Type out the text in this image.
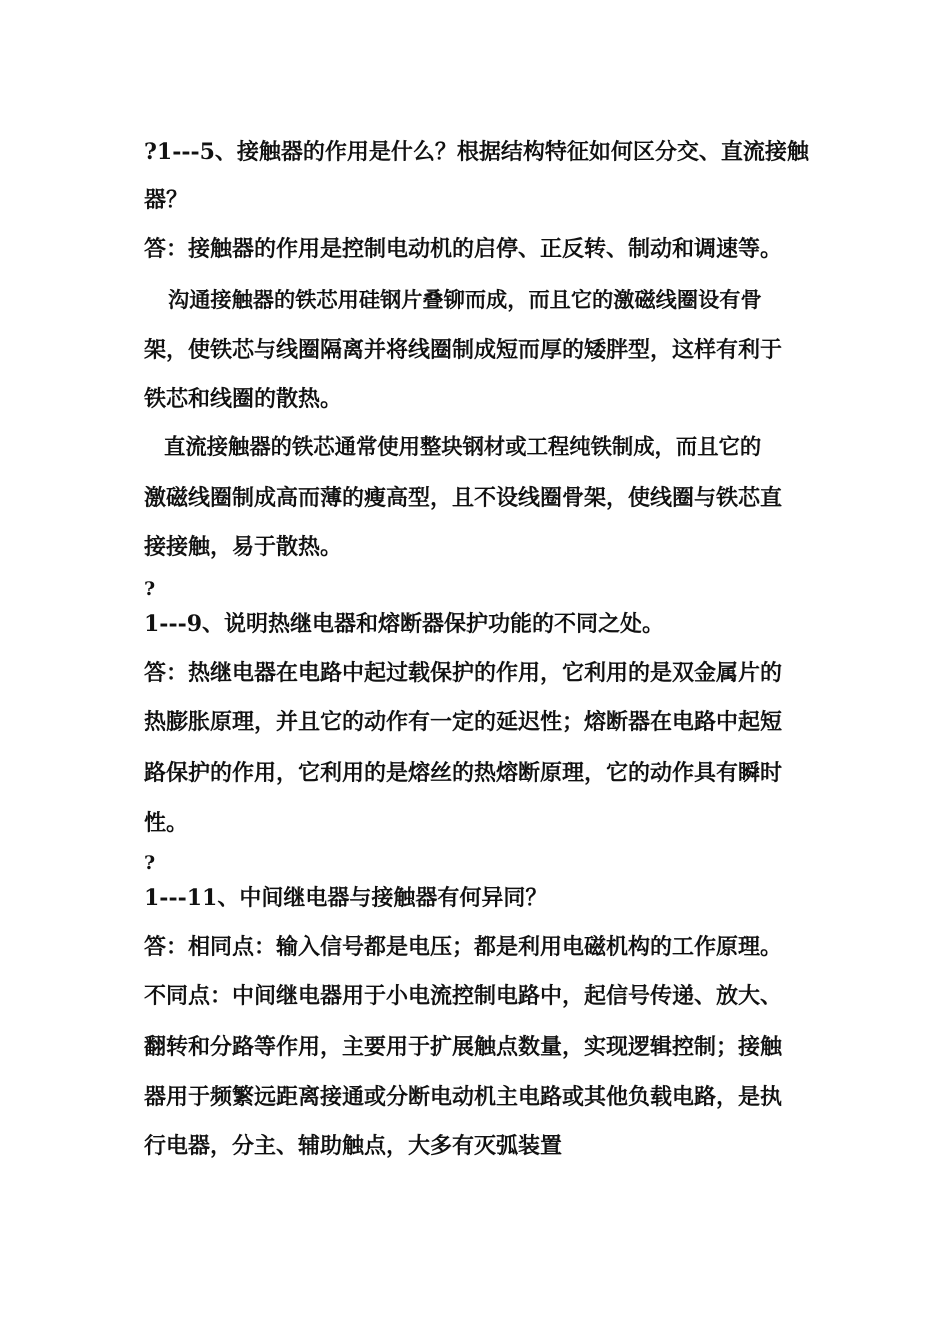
?1---5、接触器的作用是什么？根据结构特征如何区分交、直流接触
器？
答：接触器的作用是控制电动机的启停、正反转、制动和调速等。
沟通接触器的铁芯用硅钢片叠铆而成，而且它的激磁线圈设有骨
架，使铁芯与线圈隔离并将线圈制成短而厚的矮胖型，这样有利于
铁芯和线圈的散热。
直流接触器的铁芯通常使用整块钢材或工程纯铁制成，而且它的
激磁线圈制成高而薄的瘦高型，且不设线圈骨架，使线圈与铁芯直
接接触，易于散热。
?
1---9、说明热继电器和熔断器保护功能的不同之处。
答：热继电器在电路中起过载保护的作用，它利用的是双金属片的
热膨胀原理，并且它的动作有一定的延迟性；熔断器在电路中起短
路保护的作用，它利用的是熔丝的热熔断原理，它的动作具有瞬时
性。
?
1---11、中间继电器与接触器有何异同？
答：相同点：输入信号都是电压；都是利用电磁机构的工作原理。
不同点：中间继电器用于小电流控制电路中，起信号传递、放大、
翻转和分路等作用，主要用于扩展触点数量，实现逻辑控制；接触
器用于频繁远距离接通或分断电动机主电路或其他负载电路，是执
行电器，分主、辅助触点，大多有灭弧装置
